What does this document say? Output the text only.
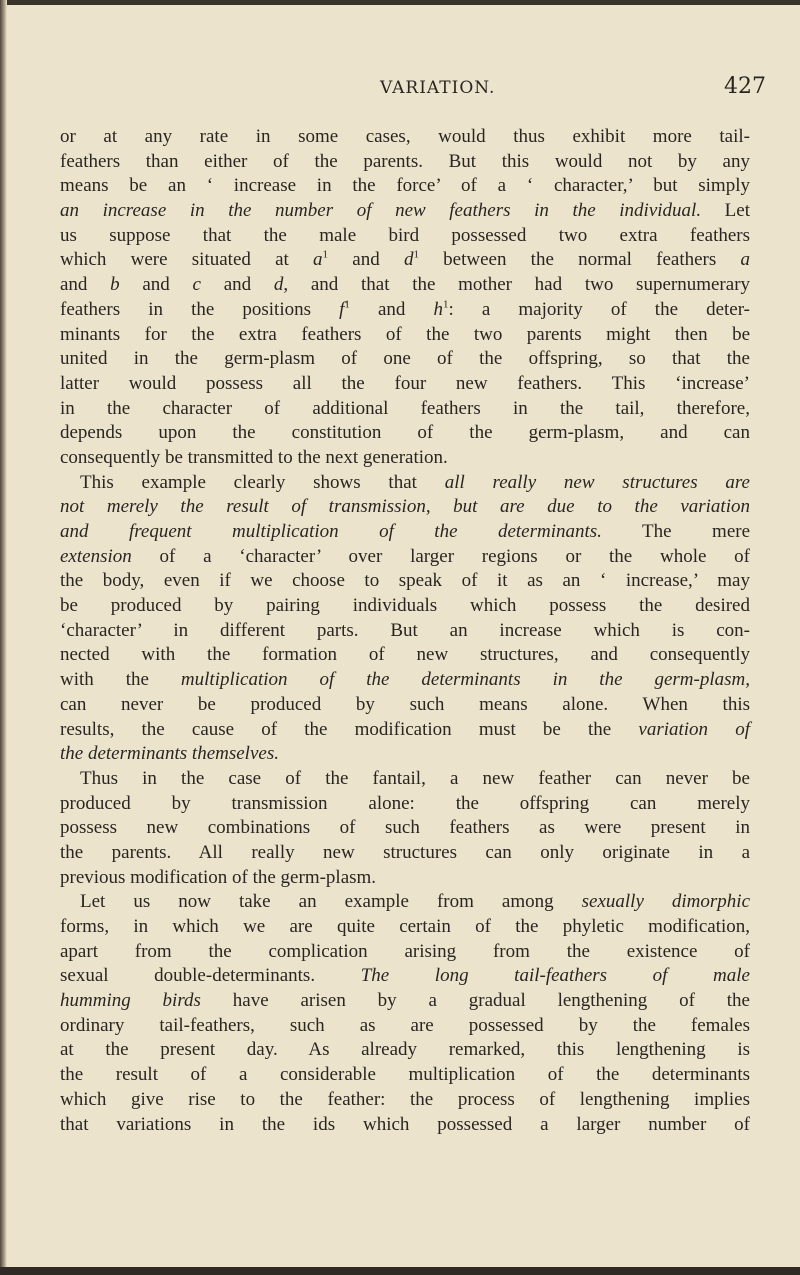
VARIATION.	427
or at any rate in some cases, would thus exhibit more tail-
feathers than either of the parents. But this would not by any
means be an ‘ increase in the force’ of a ‘ character,’ but simply
an increase in the number of new feathers in the individual. Let
us suppose that the male bird possessed two extra feathers
which were situated at $a^1$ and $d^1$ between the normal feathers a
and b and c and d, and that the mother had two supernumerary
feathers in the positions $f^1$ and $h^1$: a majority of the deter-
minants for the extra feathers of the two parents might then be
united in the germ-plasm of one of the offspring, so that the
latter would possess all the four new feathers. This ‘increase’
in the character of additional feathers in the tail, therefore,
depends upon the constitution of the germ-plasm, and can
consequently be transmitted to the next generation.
This example clearly shows that all really new structures are
not merely the result of transmission, but are due to the variation
and frequent multiplication of the determinants. The mere
extension of a ‘character’ over larger regions or the whole of
the body, even if we choose to speak of it as an ‘ increase,’ may
be produced by pairing individuals which possess the desired
‘character’ in different parts. But an increase which is con-
nected with the formation of new structures, and consequently
with the multiplication of the determinants in the germ-plasm,
can never be produced by such means alone. When this
results, the cause of the modification must be the variation of
the determinants themselves.
Thus in the case of the fantail, a new feather can never be
produced by transmission alone: the offspring can merely
possess new combinations of such feathers as were present in
the parents. All really new structures can only originate in a
previous modification of the germ-plasm.
Let us now take an example from among sexually dimorphic
forms, in which we are quite certain of the phyletic modification,
apart from the complication arising from the existence of
sexual double-determinants. The long tail-feathers of male
humming birds have arisen by a gradual lengthening of the
ordinary tail-feathers, such as are possessed by the females
at the present day. As already remarked, this lengthening is
the result of a considerable multiplication of the determinants
which give rise to the feather: the process of lengthening implies
that variations in the ids which possessed a larger number of
